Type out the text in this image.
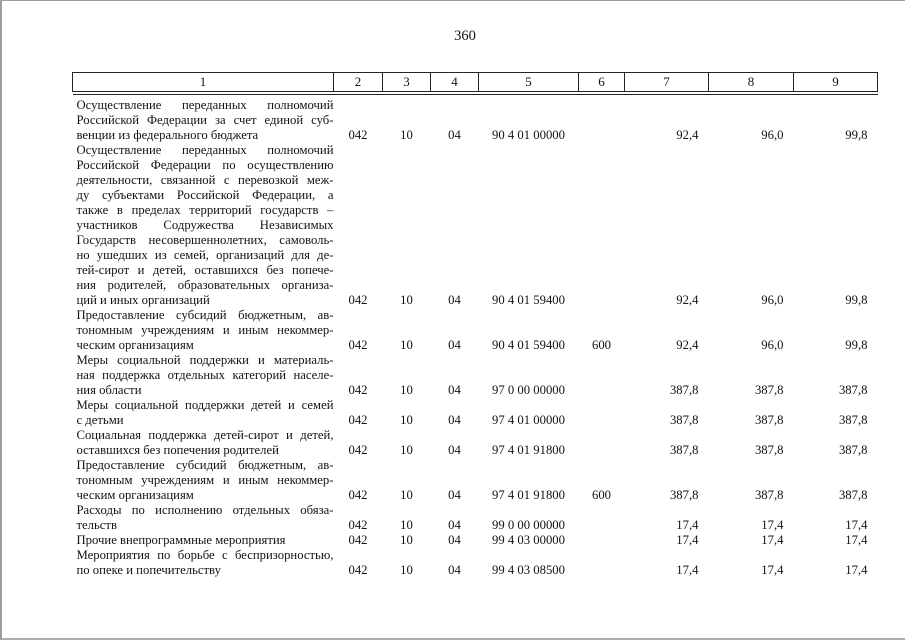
360
1	2	3	4	5	6	7	8	9

Осуществление переданных полномочий
Российской Федерации за счет единой суб-
венции из федерального бюджета	042	10	04	90 4 01 00000		92,4	96,0	99,8

Осуществление переданных полномочий
Российской Федерации по осуществлению
деятельности, связанной с перевозкой меж-
ду субъектами Российской Федерации, а
также в пределах территорий государств –
участников Содружества Независимых
Государств несовершеннолетних, самоволь-
но ушедших из семей, организаций для де-
тей-сирот и детей, оставшихся без попече-
ния родителей, образовательных организа-
ций и иных организаций	042	10	04	90 4 01 59400		92,4	96,0	99,8

Предоставление субсидий бюджетным, ав-
тономным учреждениям и иным некоммер-
ческим организациям	042	10	04	90 4 01 59400	600	92,4	96,0	99,8

Меры социальной поддержки и материаль-
ная поддержка отдельных категорий населе-
ния области	042	10	04	97 0 00 00000		387,8	387,8	387,8

Меры социальной поддержки детей и семей
с детьми	042	10	04	97 4 01 00000		387,8	387,8	387,8

Социальная поддержка детей-сирот и детей,
оставшихся без попечения родителей	042	10	04	97 4 01 91800		387,8	387,8	387,8

Предоставление субсидий бюджетным, ав-
тономным учреждениям и иным некоммер-
ческим организациям	042	10	04	97 4 01 91800	600	387,8	387,8	387,8

Расходы по исполнению отдельных обяза-
тельств	042	10	04	99 0 00 00000		17,4	17,4	17,4

Прочие внепрограммные мероприятия	042	10	04	99 4 03 00000		17,4	17,4	17,4

Мероприятия по борьбе с беспризорностью,
по опеке и попечительству	042	10	04	99 4 03 08500		17,4	17,4	17,4
